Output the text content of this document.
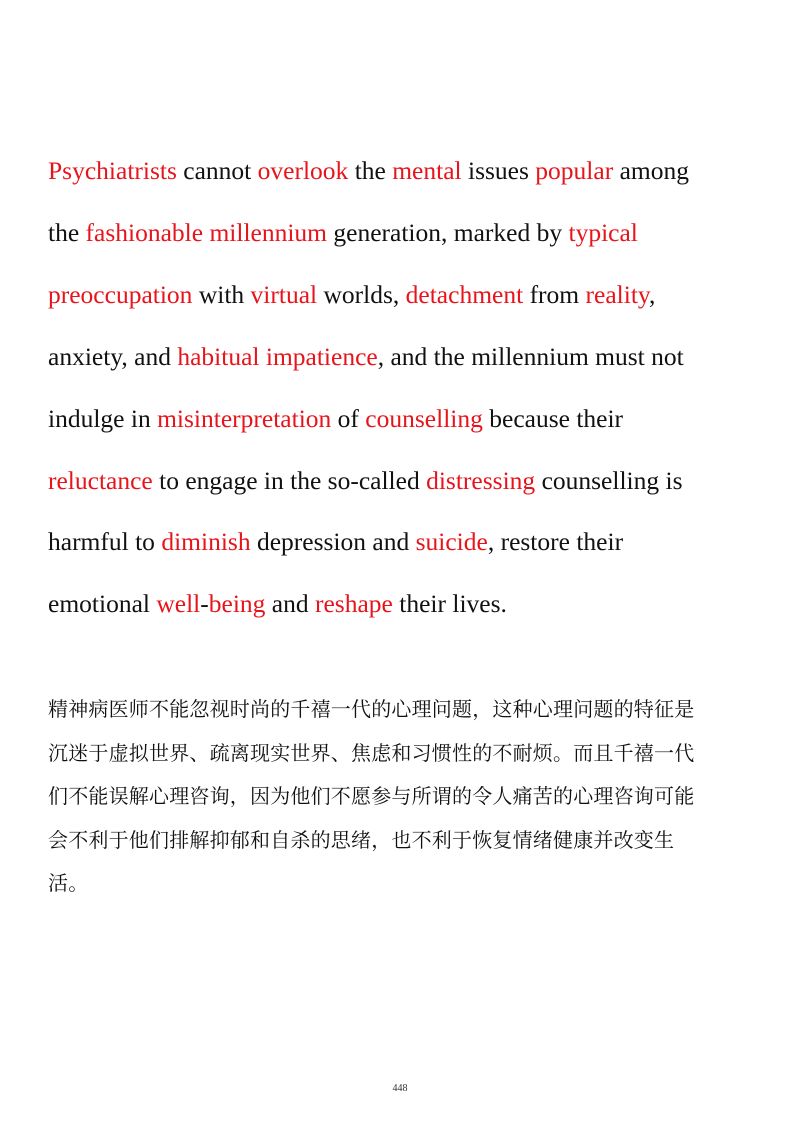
Psychiatrists cannot overlook the mental issues popular among
the fashionable millennium generation, marked by typical
preoccupation with virtual worlds, detachment from reality,
anxiety, and habitual impatience, and the millennium must not
indulge in misinterpretation of counselling because their
reluctance to engage in the so-called distressing counselling is
harmful to diminish depression and suicide, restore their
emotional well-being and reshape their lives.
精神病医师不能忽视时尚的千禧一代的心理问题，这种心理问题的特征是
沉迷于虚拟世界、疏离现实世界、焦虑和习惯性的不耐烦。而且千禧一代
们不能误解心理咨询，因为他们不愿参与所谓的令人痛苦的心理咨询可能
会不利于他们排解抑郁和自杀的思绪，也不利于恢复情绪健康并改变生
活。
448
